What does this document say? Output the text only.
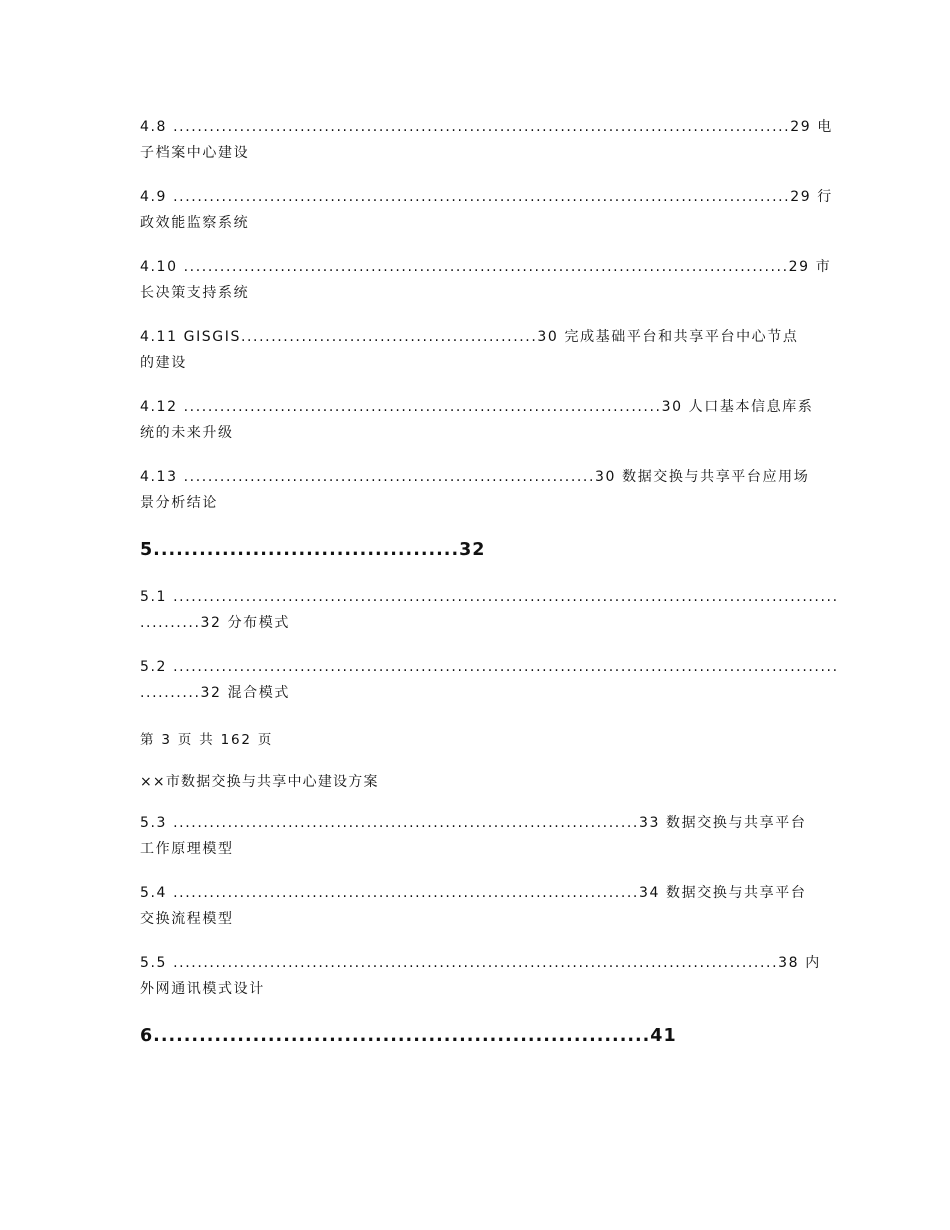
4.8 ......................................................................................................29 电
子档案中心建设
4.9 ......................................................................................................29 行
政效能监察系统
4.10 ....................................................................................................29 市
长决策支持系统
4.11 GISGIS.................................................30 完成基础平台和共享平台中心节点
的建设
4.12 ...............................................................................30 人口基本信息库系
统的未来升级
4.13 ....................................................................30 数据交换与共享平台应用场
景分析结论
5........................................32
5.1 ..............................................................................................................
..........32 分布模式
5.2 ..............................................................................................................
..........32 混合模式
第 3 页 共 162 页
××市数据交换与共享中心建设方案
5.3 .............................................................................33 数据交换与共享平台
工作原理模型
5.4 .............................................................................34 数据交换与共享平台
交换流程模型
5.5 ....................................................................................................38 内
外网通讯模式设计
6.................................................................41
